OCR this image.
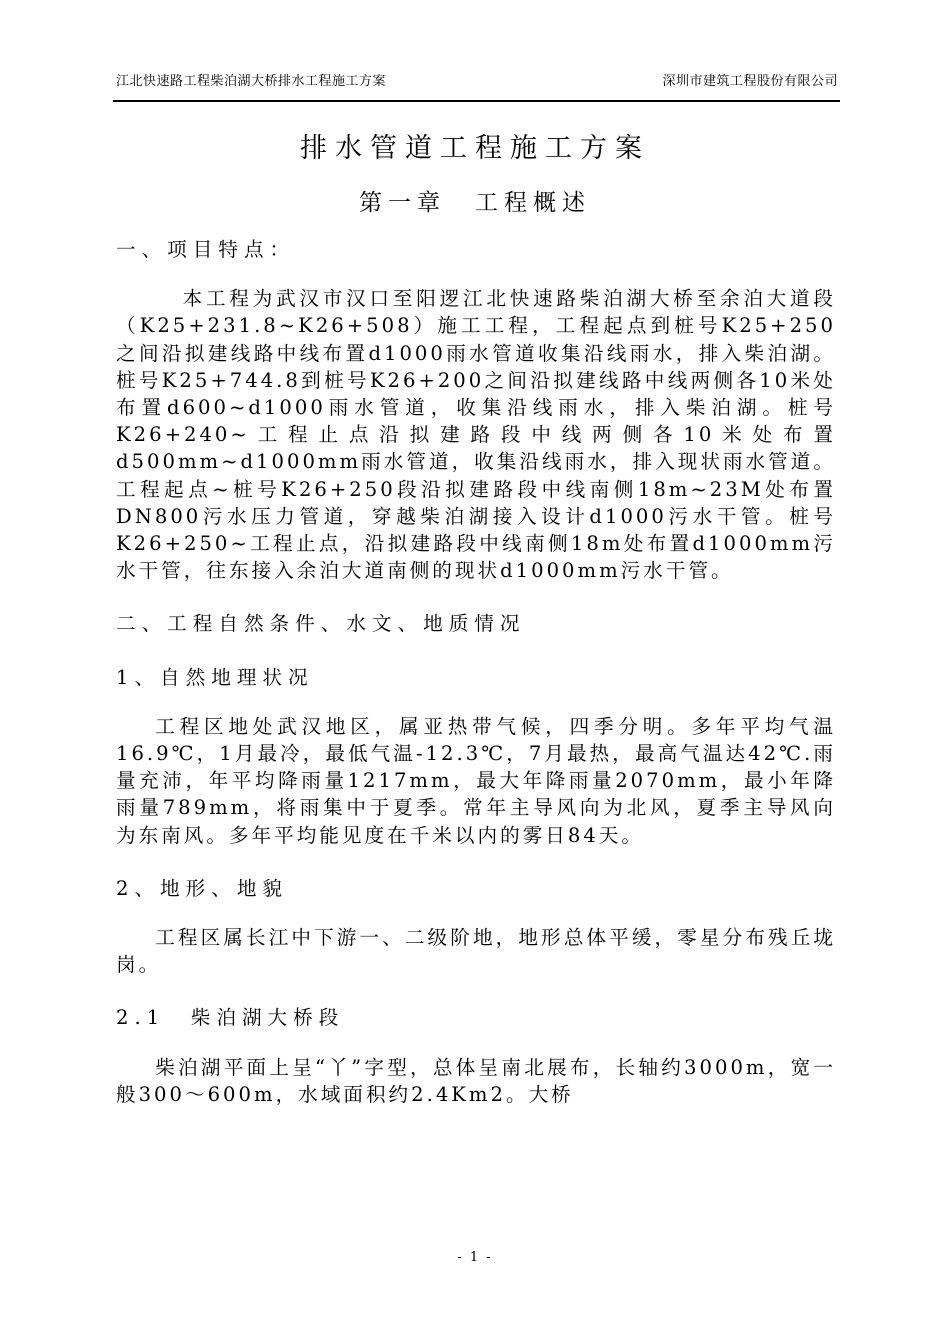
江北快速路工程柴泊湖大桥排水工程施工方案	深圳市建筑工程股份有限公司
排水管道工程施工方案
第一章　工程概述

一、项目特点：

本工程为武汉市汉口至阳逻江北快速路柴泊湖大桥至余泊大道段（K25+231.8~K26+508）施工工程，工程起点到桩号K25+250之间沿拟建线路中线布置d1000雨水管道收集沿线雨水，排入柴泊湖。桩号K25+744.8到桩号K26+200之间沿拟建线路中线两侧各10米处布置d600~d1000雨水管道，收集沿线雨水，排入柴泊湖。桩号K26+240~工程止点沿拟建路段中线两侧各10米处布置d500mm~d1000mm雨水管道，收集沿线雨水，排入现状雨水管道。工程起点~桩号K26+250段沿拟建路段中线南侧18m~23M处布置DN800污水压力管道，穿越柴泊湖接入设计d1000污水干管。桩号K26+250~工程止点，沿拟建路段中线南侧18m处布置d1000mm污水干管，往东接入余泊大道南侧的现状d1000mm污水干管。

二、工程自然条件、水文、地质情况

1、自然地理状况

工程区地处武汉地区，属亚热带气候，四季分明。多年平均气温16.9℃，1月最冷，最低气温-12.3℃，7月最热，最高气温达42℃.雨量充沛，年平均降雨量1217mm，最大年降雨量2070mm，最小年降雨量789mm，将雨集中于夏季。常年主导风向为北风，夏季主导风向为东南风。多年平均能见度在千米以内的雾日84天。

2、地形、地貌

工程区属长江中下游一、二级阶地，地形总体平缓，零星分布残丘垅岗。

2.1　柴泊湖大桥段

柴泊湖平面上呈“丫”字型，总体呈南北展布，长轴约3000m，宽一般300～600m，水域面积约2.4Km2。大桥

- 1 -
